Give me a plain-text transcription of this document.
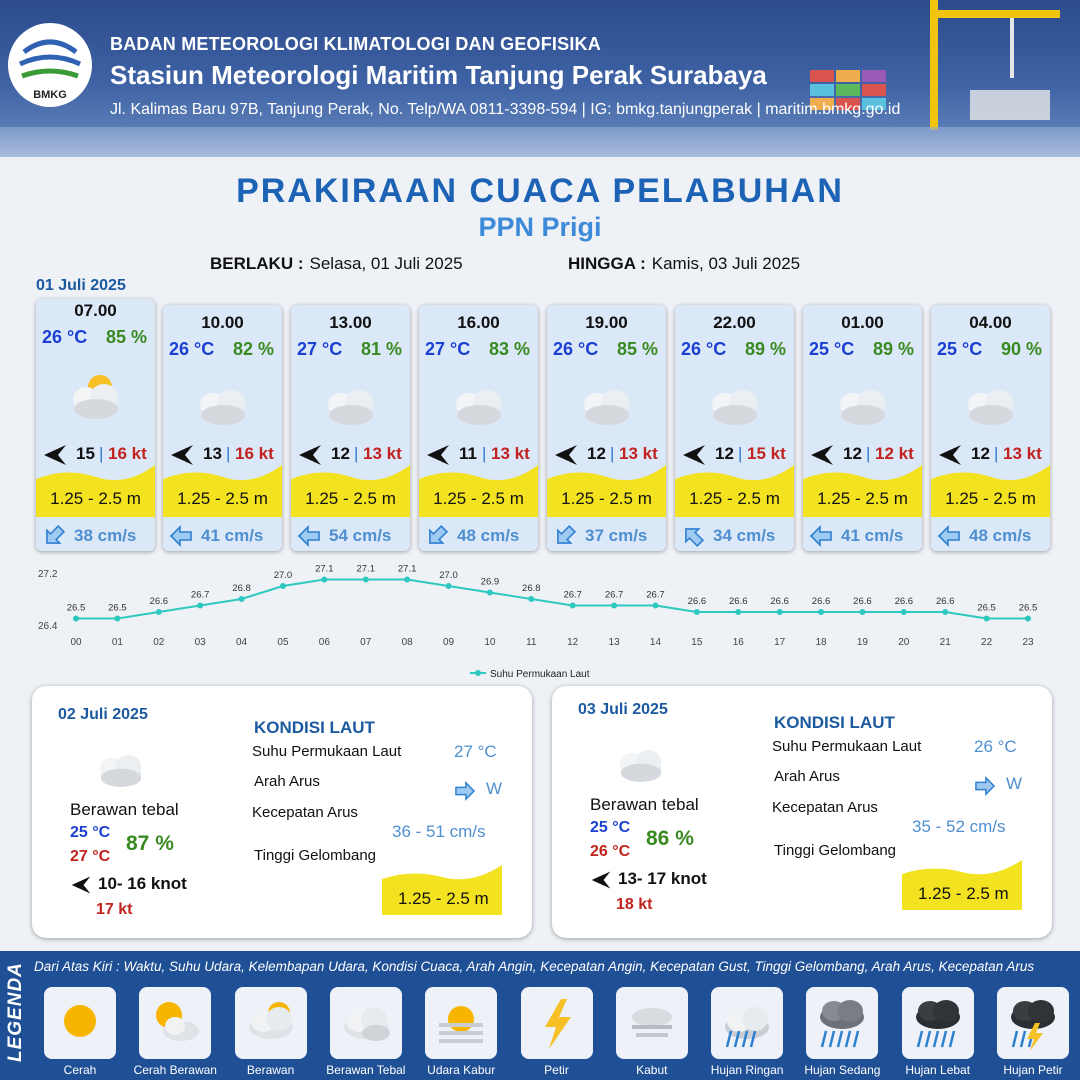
BMKG
BADAN METEOROLOGI KLIMATOLOGI DAN GEOFISIKA
Stasiun Meteorologi Maritim Tanjung Perak Surabaya
Jl. Kalimas Baru 97B, Tanjung Perak, No. Telp/WA 0811-3398-594 | IG: bmkg.tanjungperak | maritim.bmkg.go.id
PRAKIRAAN CUACA PELABUHAN
PPN Prigi
BERLAKU : Selasa, 01 Juli 2025	HINGGA : Kamis, 03 Juli 2025
01 Juli 2025
07.00
26 °C 85 %
15 | 16 kt
1.25 - 2.5 m
38 cm/s
10.00
26 °C 82 %
13 | 16 kt
1.25 - 2.5 m
41 cm/s
13.00
27 °C 81 %
12 | 13 kt
1.25 - 2.5 m
54 cm/s
16.00
27 °C 83 %
11 | 13 kt
1.25 - 2.5 m
48 cm/s
19.00
26 °C 85 %
12 | 13 kt
1.25 - 2.5 m
37 cm/s
22.00
26 °C 89 %
12 | 15 kt
1.25 - 2.5 m
34 cm/s
01.00
25 °C 89 %
12 | 12 kt
1.25 - 2.5 m
41 cm/s
04.00
25 °C 90 %
12 | 13 kt
1.25 - 2.5 m
48 cm/s
27.2
26.4
26.5
00
26.5
01
26.6
02
26.7
03
26.8
04
27.0
05
27.1
06
27.1
07
27.1
08
27.0
09
26.9
10
26.8
11
26.7
12
26.7
13
26.7
14
26.6
15
26.6
16
26.6
17
26.6
18
26.6
19
26.6
20
26.6
21
26.5
22
26.5
23
Suhu Permukaan Laut
02 Juli 2025
Berawan tebal
25 °C
27 °C
87 %
10- 16 knot
17 kt
KONDISI LAUT
Suhu Permukaan Laut	27 °C
Arah Arus	W
Kecepatan Arus
36 - 51 cm/s
Tinggi Gelombang
1.25 - 2.5 m
03 Juli 2025
Berawan tebal
25 °C
26 °C
86 %
13- 17 knot
18 kt
KONDISI LAUT
Suhu Permukaan Laut	26 °C
Arah Arus	W
Kecepatan Arus
35 - 52 cm/s
Tinggi Gelombang
1.25 - 2.5 m
LEGENDA Dari Atas Kiri : Waktu, Suhu Udara, Kelembapan Udara, Kondisi Cuaca, Arah Angin, Kecepatan Angin, Kecepatan Gust, Tinggi Gelombang, Arah Arus, Kecepatan Arus
Cerah	Cerah Berawan	Berawan	Berawan Tebal	Udara Kabur	Petir	Kabut	Hujan Ringan	Hujan Sedang	Hujan Lebat	Hujan Petir
